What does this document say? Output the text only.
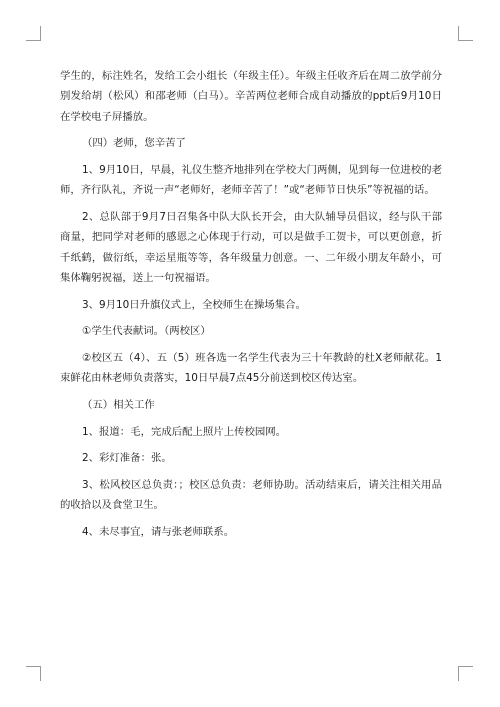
学生的，标注姓名，发给工会小组长（年级主任）。年级主任收齐后在周二放学前分别发给胡（松风）和邵老师（白马）。辛苦两位老师合成自动播放的ppt后9月10日在学校电子屏播放。

（四）老师，您辛苦了

1、9月10日，早晨，礼仪生整齐地排列在学校大门两侧，见到每一位进校的老师，齐行队礼，齐说一声“老师好，老师辛苦了！”或“老师节日快乐”等祝福的话。

2、总队部于9月7日召集各中队大队长开会，由大队辅导员倡议，经与队干部商量，把同学对老师的感恩之心体现于行动，可以是做手工贺卡，可以更创意，折千纸鹤，做衍纸，幸运星瓶等等，各年级量力创意。一、二年级小朋友年龄小，可集体鞠躬祝福，送上一句祝福语。

3、9月10日升旗仪式上，全校师生在操场集合。

①学生代表献词。（两校区）

②校区五（4）、五（5）班各选一名学生代表为三十年教龄的杜X老师献花。1束鲜花由林老师负责落实，10日早晨7点45分前送到校区传达室。

（五）相关工作

1、报道：毛，完成后配上照片上传校园网。

2、彩灯准备：张。

3、松风校区总负责：；校区总负责：老师协助。活动结束后，请关注相关用品的收拾以及食堂卫生。

4、未尽事宜，请与张老师联系。
